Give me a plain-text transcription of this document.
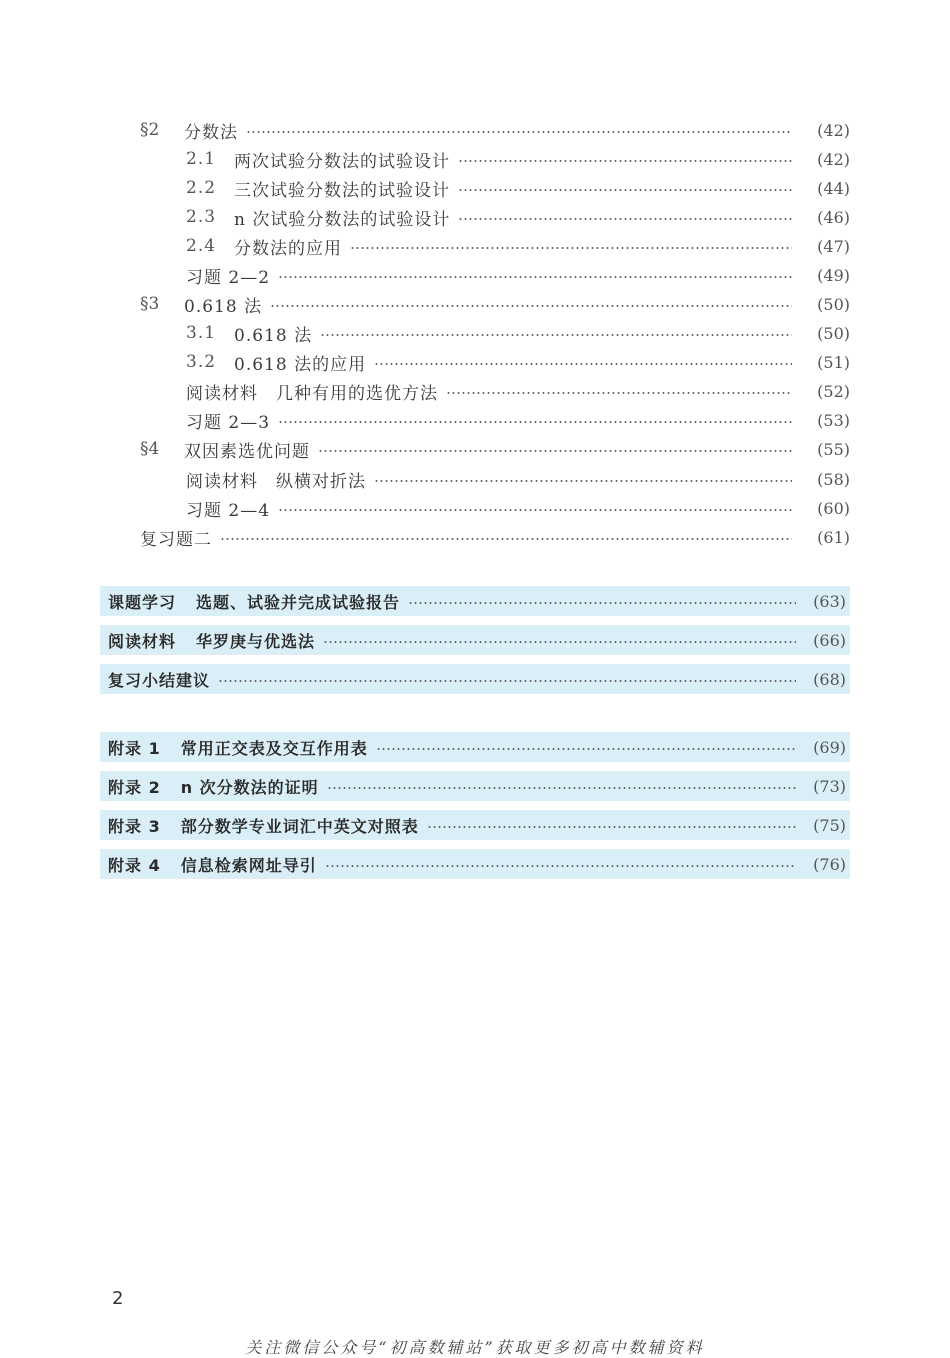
§2	分数法	(42)
2.1	两次试验分数法的试验设计	(42)
2.2	三次试验分数法的试验设计	(44)
2.3	n 次试验分数法的试验设计	(46)
2.4	分数法的应用	(47)
习题 2—2	(49)
§3	0.618 法	(50)
3.1	0.618 法	(50)
3.2	0.618 法的应用	(51)
阅读材料　几种有用的选优方法	(52)
习题 2—3	(53)
§4	双因素选优问题	(55)
阅读材料　纵横对折法	(58)
习题 2—4	(60)
复习题二	(61)
课题学习 选题、试验并完成试验报告	(63)
阅读材料 华罗庚与优选法	(66)
复习小结建议	(68)
附录 1 常用正交表及交互作用表	(69)
附录 2 n 次分数法的证明	(73)
附录 3 部分数学专业词汇中英文对照表	(75)
附录 4 信息检索网址导引	(76)
2
关注微信公众号“初高数辅站”获取更多初高中数辅资料
